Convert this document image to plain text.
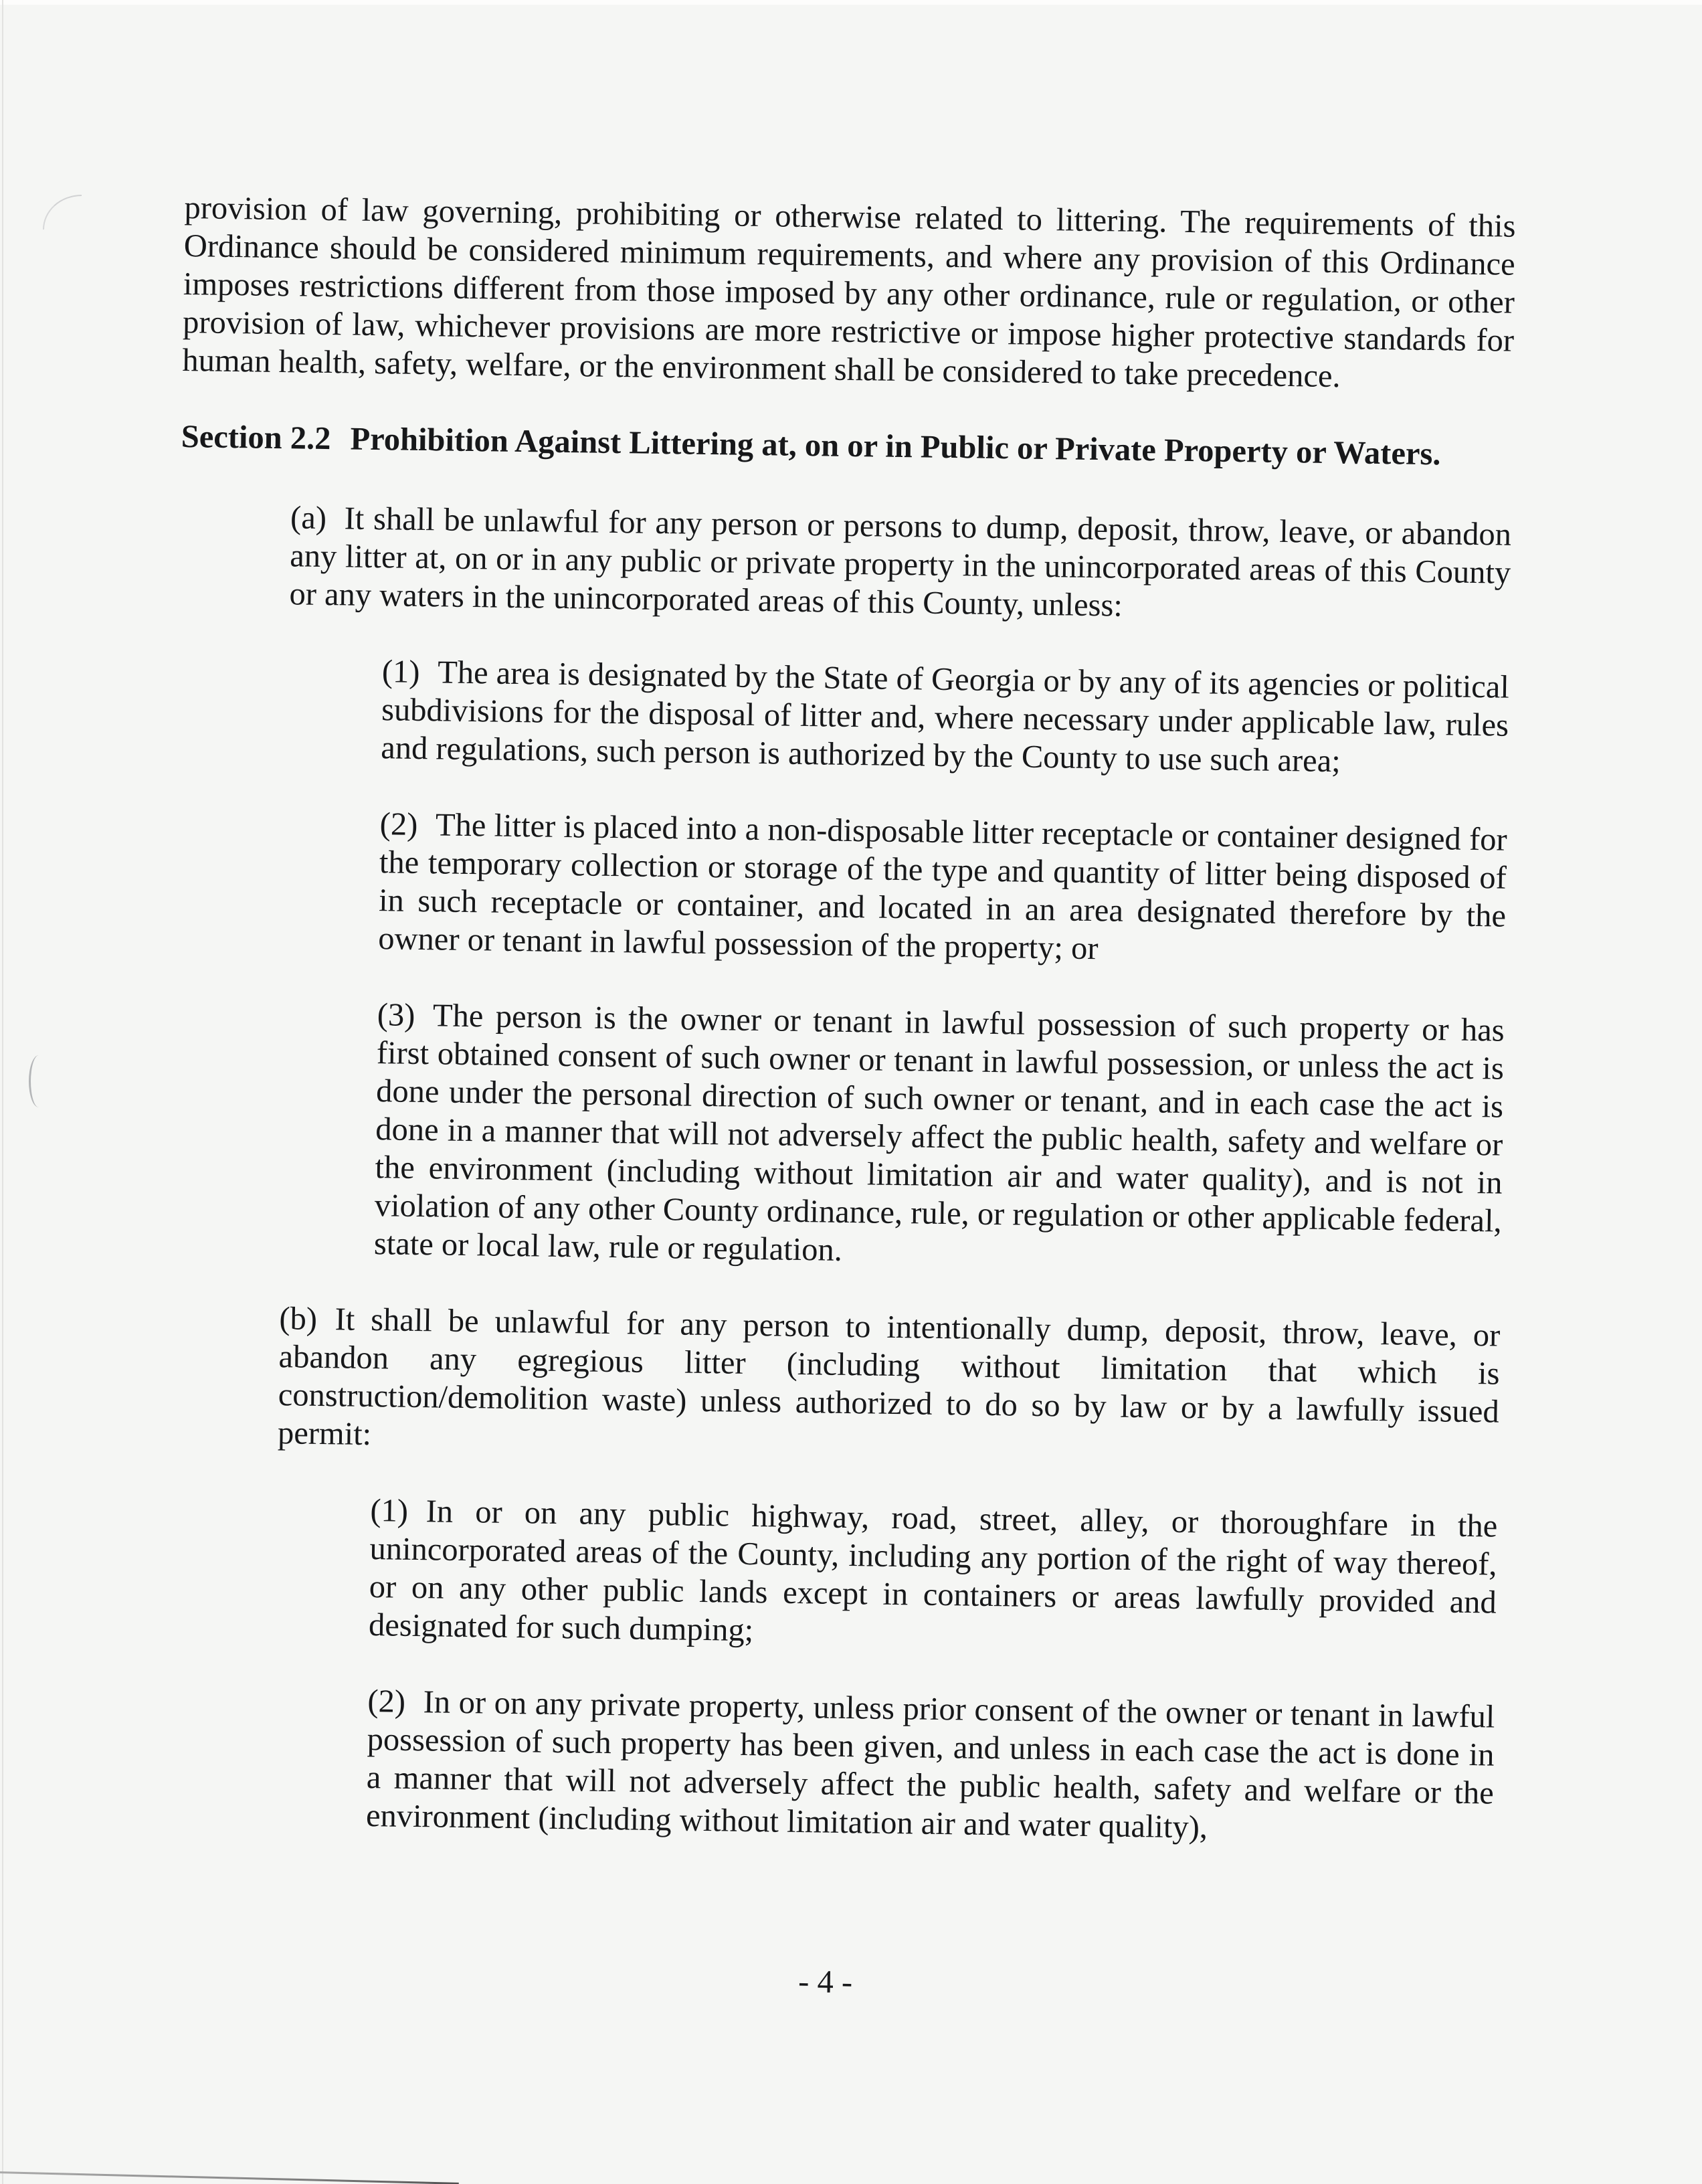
provision of law governing, prohibiting or otherwise related to littering. The requirements of this Ordinance should be considered minimum requirements, and where any provision of this Ordinance imposes restrictions different from those imposed by any other ordinance, rule or regulation, or other provision of law, whichever provisions are more restrictive or impose higher protective standards for human health, safety, welfare, or the environment shall be considered to take precedence.

Section 2.2 Prohibition Against Littering at, on or in Public or Private Property or Waters.

(a) It shall be unlawful for any person or persons to dump, deposit, throw, leave, or abandon any litter at, on or in any public or private property in the unincorporated areas of this County or any waters in the unincorporated areas of this County, unless:

(1) The area is designated by the State of Georgia or by any of its agencies or political subdivisions for the disposal of litter and, where necessary under applicable law, rules and regulations, such person is authorized by the County to use such area;

(2) The litter is placed into a non-disposable litter receptacle or container designed for the temporary collection or storage of the type and quantity of litter being disposed of in such receptacle or container, and located in an area designated therefore by the owner or tenant in lawful possession of the property; or

(3) The person is the owner or tenant in lawful possession of such property or has first obtained consent of such owner or tenant in lawful possession, or unless the act is done under the personal direction of such owner or tenant, and in each case the act is done in a manner that will not adversely affect the public health, safety and welfare or the environment (including without limitation air and water quality), and is not in violation of any other County ordinance, rule, or regulation or other applicable federal, state or local law, rule or regulation.

(b) It shall be unlawful for any person to intentionally dump, deposit, throw, leave, or abandon any egregious litter (including without limitation that which is construction/demolition waste) unless authorized to do so by law or by a lawfully issued permit:

(1) In or on any public highway, road, street, alley, or thoroughfare in the unincorporated areas of the County, including any portion of the right of way thereof, or on any other public lands except in containers or areas lawfully provided and designated for such dumping;

(2) In or on any private property, unless prior consent of the owner or tenant in lawful possession of such property has been given, and unless in each case the act is done in a manner that will not adversely affect the public health, safety and welfare or the environment (including without limitation air and water quality),

- 4 -
